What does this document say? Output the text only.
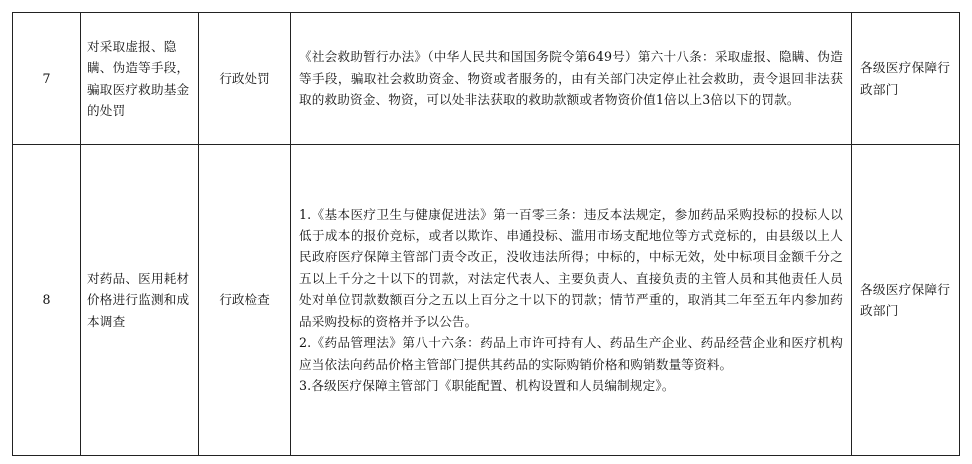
7	对采取虚报、隐瞒、伪造等手段，骗取医疗救助基金的处罚	行政处罚	《社会救助暂行办法》（中华人民共和国国务院令第649号）第六十八条：采取虚报、隐瞒、伪造等手段，骗取社会救助资金、物资或者服务的，由有关部门决定停止社会救助，责令退回非法获取的救助资金、物资，可以处非法获取的救助款额或者物资价值1倍以上3倍以下的罚款。	各级医疗保障行政部门
8	对药品、医用耗材价格进行监测和成本调查	行政检查	1.《基本医疗卫生与健康促进法》第一百零三条：违反本法规定，参加药品采购投标的投标人以低于成本的报价竞标，或者以欺诈、串通投标、滥用市场支配地位等方式竞标的，由县级以上人民政府医疗保障主管部门责令改正，没收违法所得；中标的，中标无效，处中标项目金额千分之五以上千分之十以下的罚款，对法定代表人、主要负责人、直接负责的主管人员和其他责任人员处对单位罚款数额百分之五以上百分之十以下的罚款；情节严重的，取消其二年至五年内参加药品采购投标的资格并予以公告。

2.《药品管理法》第八十六条：药品上市许可持有人、药品生产企业、药品经营企业和医疗机构应当依法向药品价格主管部门提供其药品的实际购销价格和购销数量等资料。

3.各级医疗保障主管部门《职能配置、机构设置和人员编制规定》。	各级医疗保障行政部门
